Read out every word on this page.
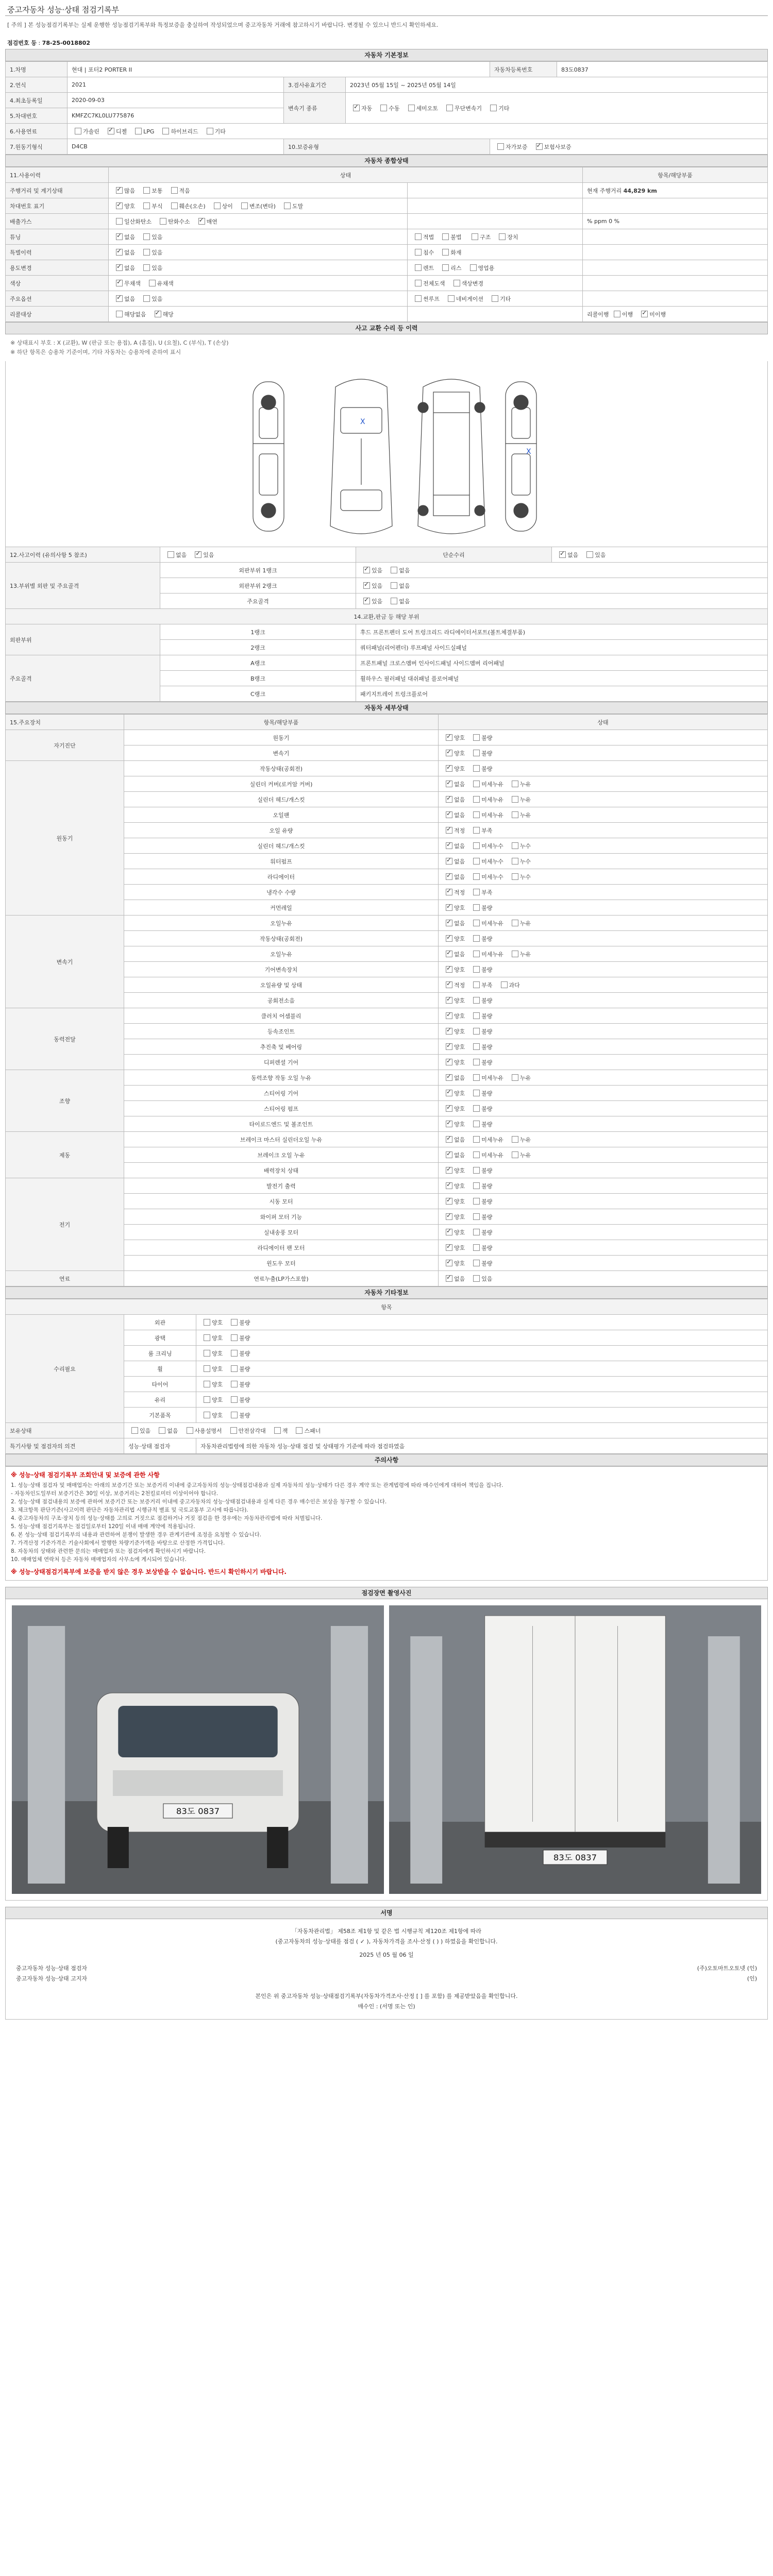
중고자동차 성능·상태 점검기록부
[ 주의 ] 본 성능점검기록부는 실제 운행한 성능점검기록부와 특정보증을 충실하여 작성되었으며 중고자동차 거래에 참고하시기 바랍니다. 변경될 수 있으니 반드시 확인하세요.
점검번호 등 : 78-25-0018802
자동차 기본정보
1.차명	현대 | 포터2 PORTER II			자동차등록번호	83도0837
2.연식	2021	3.검사유효기간	2023년 05월 15일 ~ 2025년 05월 14일		
4.최초등록일	2020-09-03	변속기 종류	✓자동 수동 세미오토 무단변속기 기타
5.차대번호	KMFZC7KL0LU775876				
6.사용연료	가솔린 ✓ 디젤 LPG 하이브리드 기타
7.원동기형식	D4CB	10.보증유형		자가보증 ✓ 보험사보증
자동차 종합상태
11.사용이력	상태		항목/해당부품
주행거리 및 계기상태	✓많음 보통 적음		현재 주행거리 44,829 km
차대번호 표기	✓양호 부식 훼손(오손) 상이 변조(변타) 도말		
배출가스	일산화탄소 탄화수소 ✓ 매연		% ppm 0 %
튜닝	✓없음 있음	적법 불법 구조 장치	
특별이력	✓없음 있음	침수 화재	
용도변경	✓없음 있음	렌트 리스 영업용	
색상	✓무채색 유채색	전체도색 색상변경	
주요옵션	✓없음 있음	썬루프 네비게이션 기타	
리콜대상	해당없음 ✓ 해당		리콜이행 이행 ✓ 미이행
사고 교환 수리 등 이력
※ 상태표시 부호 : X (교환), W (판금 또는 용접), A (흠집), U (요철), C (부식), T (손상)
※ 하단 항목은 승용차 기준이며, 기타 자동차는 승용차에 준하여 표시
X
X
12.사고이력 (유의사항 5 참조)	없음 ✓ 있음	단순수리	✓없음 있음
13.부위별 외판 및 주요골격	외판부위 1랭크	✓있음 없음
	외판부위 2랭크	✓있음 없음
	주요골격	✓있음 없음
14.교환,판금 등 해당 부위			
외판부위	1랭크	후드 프론트펜더 도어 트렁크리드 라디에이터서포트(볼트체결부품)	
	2랭크	쿼터패널(리어펜더) 루프패널 사이드실패널	
주요골격	A랭크	프론트패널 크로스멤버 인사이드패널 사이드멤버 리어패널	
	B랭크	휠하우스 필러패널 대쉬패널 플로어패널	
	C랭크	패키지트레이 트렁크플로어	
자동차 세부상태
15.주요장치	항목/해당부품	상태
자기진단	원동기	✓양호 불량
	변속기	✓양호 불량
원동기	작동상태(공회전)	✓양호 불량
	실린더 커버(로커암 커버)	✓없음 미세누유 누유
	실린더 헤드/개스킷	✓없음 미세누유 누유
	오일팬	✓없음 미세누유 누유
	오일 유량	✓적정 부족
	실린더 헤드/개스킷	✓없음 미세누수 누수
	워터펌프	✓없음 미세누수 누수
	라디에이터	✓없음 미세누수 누수
	냉각수 수량	✓적정 부족
	커먼레일	✓양호 불량
변속기	오일누유	✓없음 미세누유 누유
	작동상태(공회전)	✓양호 불량
	오일누유	✓없음 미세누유 누유
	기어변속장치	✓양호 불량
	오일유량 및 상태	✓적정 부족 과다
	공회전소음	✓양호 불량
동력전달	클러치 어셈블리	✓양호 불량
	등속조인트	✓양호 불량
	추진축 및 베어링	✓양호 불량
	디퍼렌셜 기어	✓양호 불량
조향	동력조향 작동 오일 누유	✓없음 미세누유 누유
	스티어링 기어	✓양호 불량
	스티어링 펌프	✓양호 불량
	타이로드엔드 및 볼조인트	✓양호 불량
제동	브레이크 마스터 실린더오일 누유	✓없음 미세누유 누유
	브레이크 오일 누유	✓없음 미세누유 누유
	배력장치 상태	✓양호 불량
전기	발전기 출력	✓양호 불량
	시동 모터	✓양호 불량
	와이퍼 모터 기능	✓양호 불량
	실내송풍 모터	✓양호 불량
	라디에이터 팬 모터	✓양호 불량
	윈도우 모터	✓양호 불량
연료	연료누출(LP가스포함)	✓없음 있음
자동차 기타정보
항목		
수리필요	외관	양호 불량
	광택	양호 불량
	룸 크리닝	양호 불량
	휠	양호 불량
	타이어	양호 불량
	유리	양호 불량
	기본품목	양호 불량
보유상태	있음 없음 사용설명서 안전삼각대 잭 스패너	
특기사항 및 점검자의 의견	성능·상태 점검자	자동차관리법령에 의한 자동차 성능·상태 점검 및 상태평가 기준에 따라 점검하였음
주의사항
※ 성능·상태 점검기록부 조회안내 및 보증에 관한 사항
1. 성능·상태 점검자 및 매매업자는 아래의 보증기간 또는 보증거리 이내에 중고자동차의 성능·상태점검내용과 실제 자동차의 성능·상태가 다른 경우 계약 또는 관계법령에 따라 매수인에게 대하여 책임을 집니다.
- 자동차인도일부터 보증기간은 30일 이상, 보증거리는 2천킬로미터 이상이어야 합니다.
2. 성능·상태 점검내용의 보증에 관하여 보증기간 또는 보증거리 이내에 중고자동차의 성능·상태점검내용과 실제 다른 경우 매수인은 보상을 청구할 수 있습니다.
3. 체크항목 판단기준(사고이력 판단은 자동차관리법 시행규칙 별표 및 국토교통부 고시에 따릅니다).
4. 중고자동차의 구조·장치 등의 성능·상태를 고의로 거짓으로 점검하거나 거짓 점검을 한 경우에는 자동차관리법에 따라 처벌됩니다.
5. 성능·상태 점검기록부는 점검일로부터 120일 이내 매매 계약에 적용됩니다.
6. 본 성능·상태 점검기록부의 내용과 관련하여 분쟁이 발생한 경우 관계기관에 조정을 요청할 수 있습니다.
7. 가격산정 기준가격은 기술사회에서 발행한 차량기준가액을 바탕으로 산정한 가격입니다.
8. 자동차의 상태와 관련한 문의는 매매업자 또는 점검자에게 확인하시기 바랍니다.
10. 매매업체 연락처 등은 자동차 매매업자의 사무소에 게시되어 있습니다.
※ 성능·상태점검기록부에 보증을 받지 않은 경우 보상받을 수 없습니다. 반드시 확인하시기 바랍니다.
점검장면 촬영사진
83도 0837
83도 0837
서명
「자동차관리법」 제58조 제1항 및 같은 법 시행규칙 제120조 제1항에 따라
(중고자동차의 성능·상태를 점검 ( ✓ ), 자동차가격을 조사·산정 ( ) ) 하였음을 확인합니다.
2025 년 05 월 06 일
중고자동차 성능·상태 점검자	(주)오토마트오토넷 (인)
중고자동차 성능·상태 고지자	(인)
본인은 위 중고자동차 성능·상태점검기록부(자동차가격조사·산정 [ ] 를 포함) 를 제공받았음을 확인합니다.
매수인 : (서명 또는 인)
